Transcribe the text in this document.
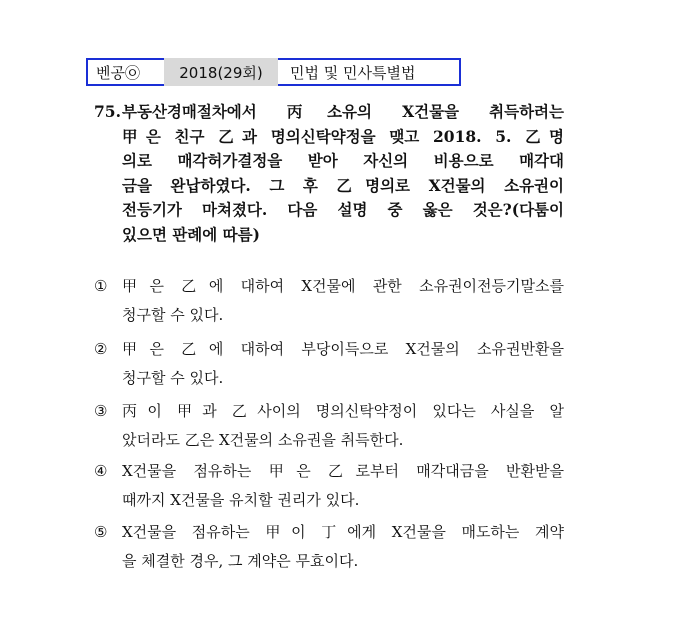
벤공㉧	2018(29회)	민법 및 민사특별법
75. 부동산경매절차에서 丙소유의 X건물을 취득하려는
甲은 친구 乙과 명의신탁약정을 맺고 2018. 5. 乙명
의로 매각허가결정을 받아 자신의 비용으로 매각대
금을 완납하였다. 그 후 乙명의로 X건물의 소유권이
전등기가 마쳐졌다. 다음 설명 중 옳은 것은?(다툼이
있으면 판례에 따름)
① 甲은 乙에 대하여 X건물에 관한 소유권이전등기말소를
청구할 수 있다.
② 甲은 乙에 대하여 부당이득으로 X건물의 소유권반환을
청구할 수 있다.
③ 丙이 甲과 乙사이의 명의신탁약정이 있다는 사실을 알
았더라도 乙은 X건물의 소유권을 취득한다.
④ X건물을 점유하는 甲은 乙로부터 매각대금을 반환받을
때까지 X건물을 유치할 권리가 있다.
⑤ X건물을 점유하는 甲이 丁에게 X건물을 매도하는 계약
을 체결한 경우, 그 계약은 무효이다.
